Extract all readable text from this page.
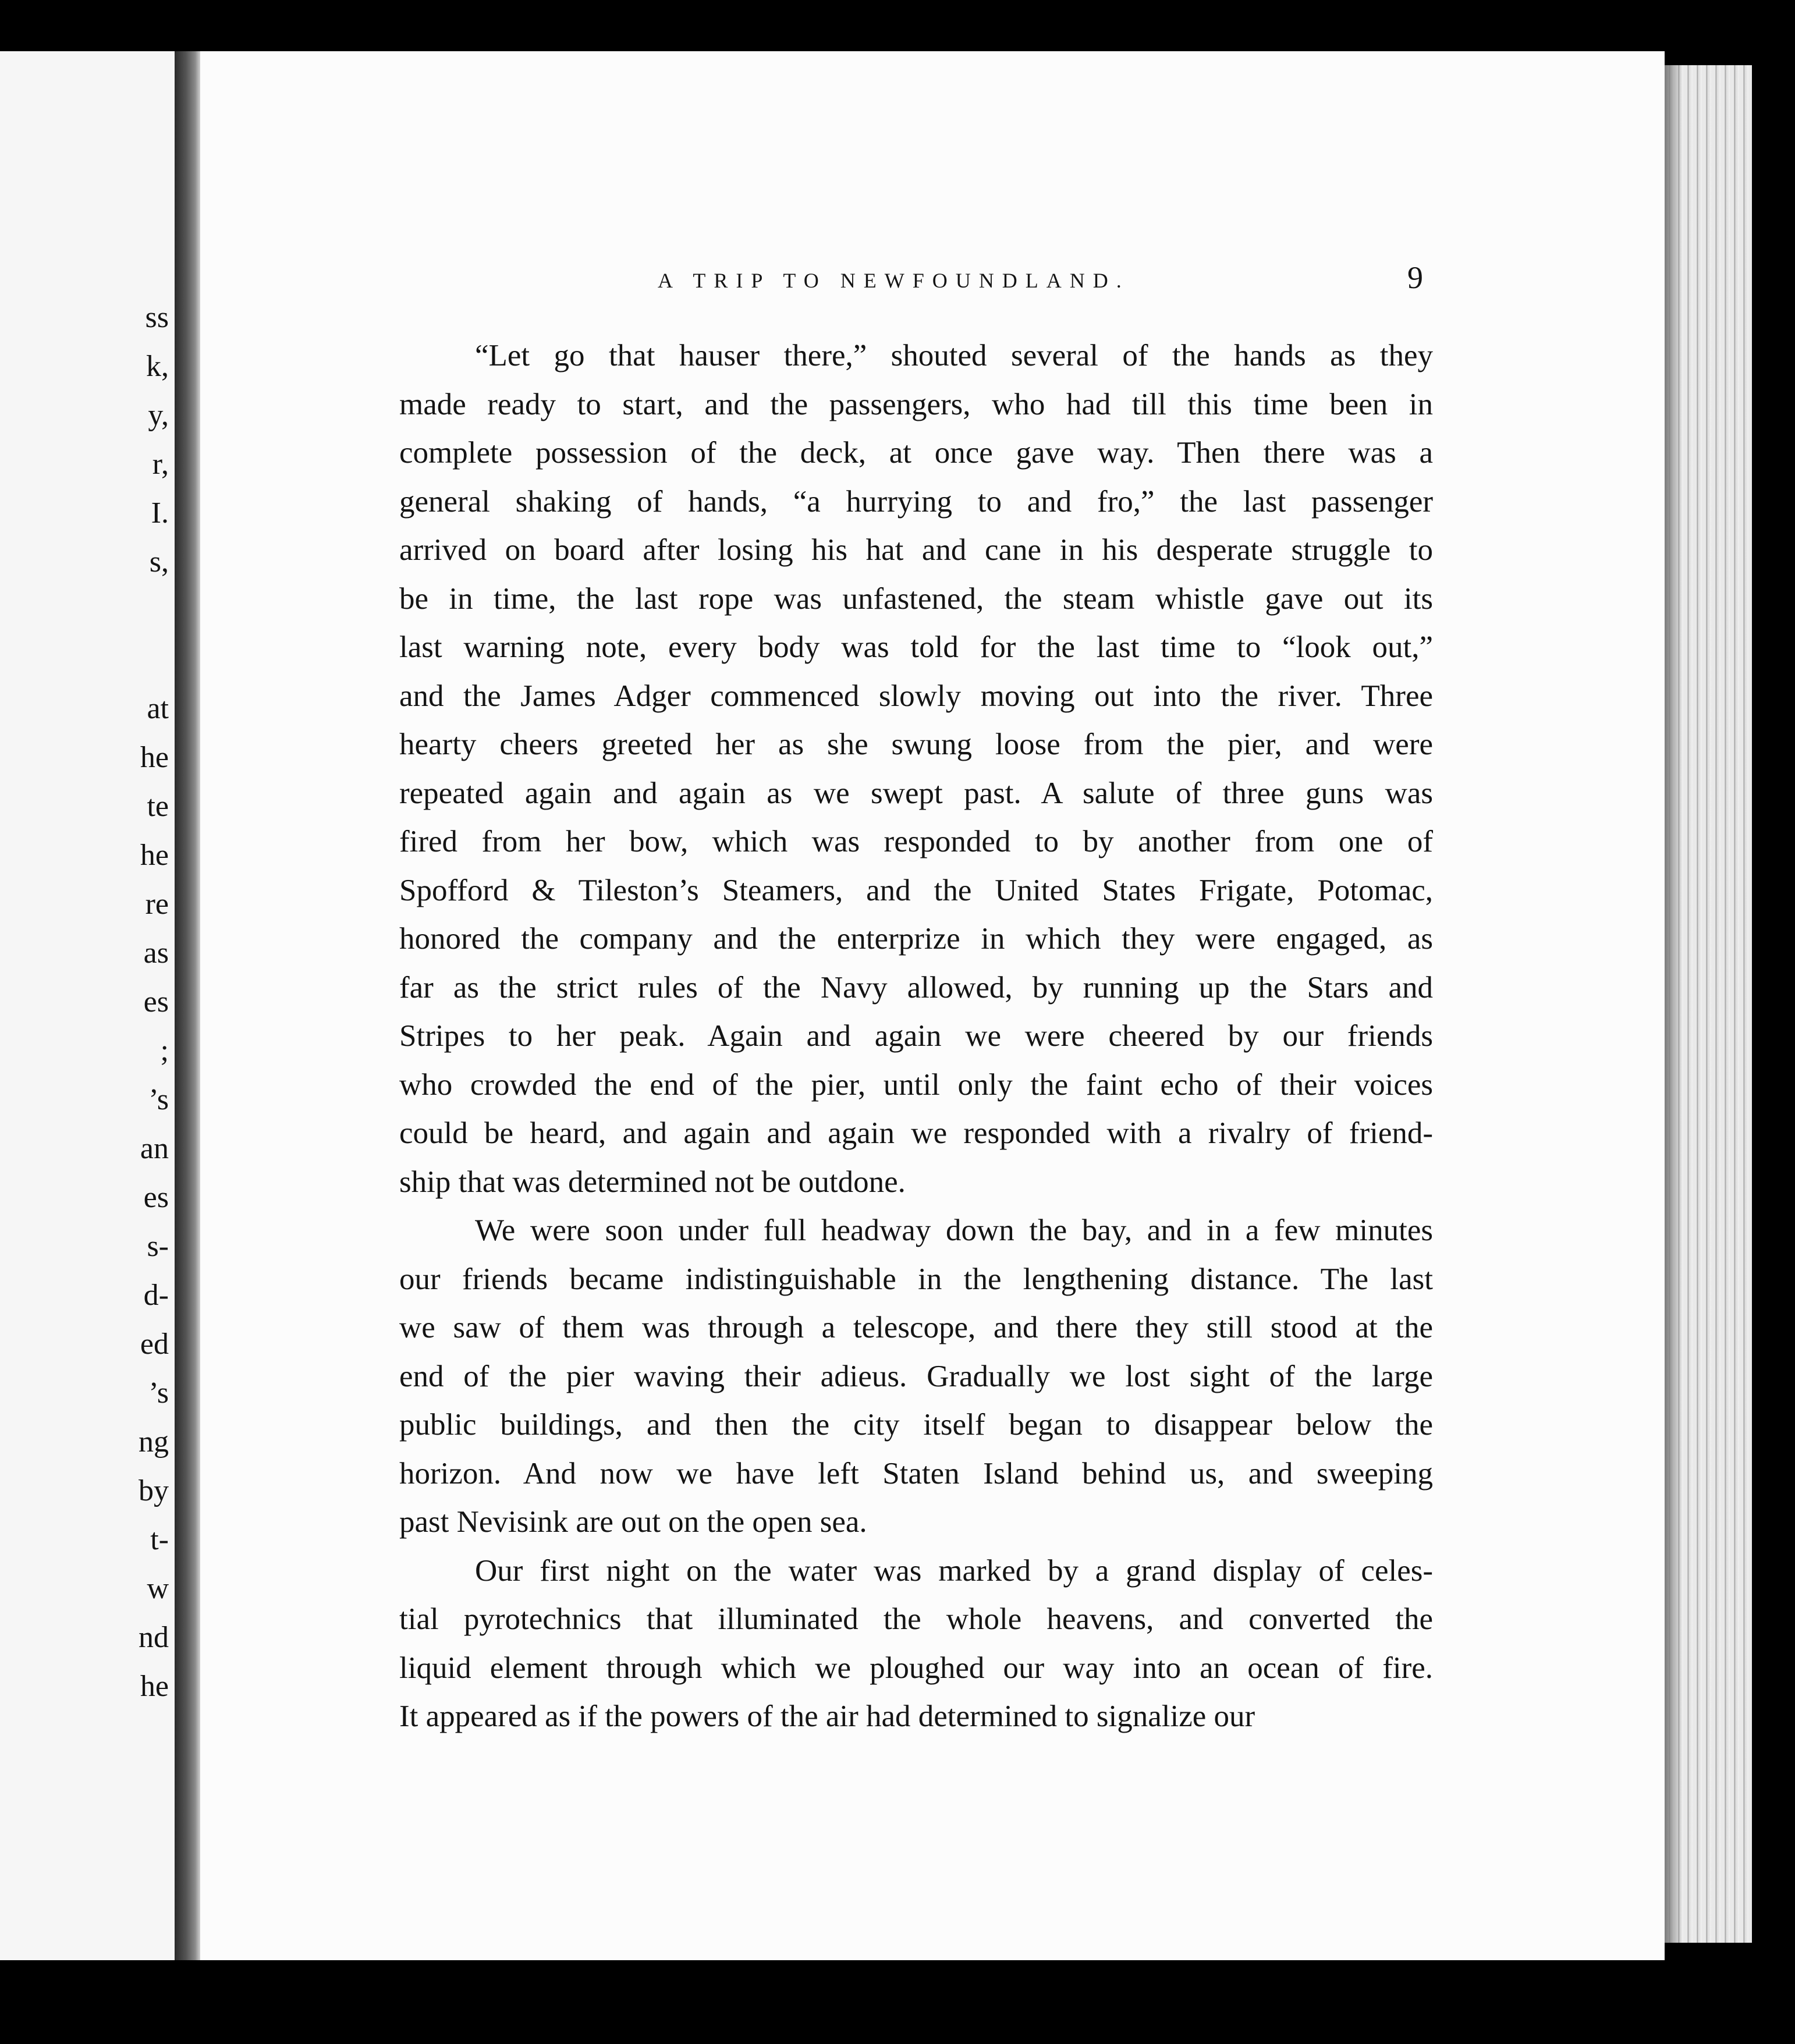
ss
k,
y,
r,
I.
s,
at
he
te
he
re
as
es
;
’s
an
es
s-
d-
ed
’s
ng
by
t-
w
nd
he
A TRIP TO NEWFOUNDLAND.	9
“Let go that hauser there,” shouted several of the hands as they
made ready to start, and the passengers, who had till this time been in
complete possession of the deck, at once gave way. Then there was a
general shaking of hands, “a hurrying to and fro,” the last passenger
arrived on board after losing his hat and cane in his desperate struggle to
be in time, the last rope was unfastened, the steam whistle gave out its
last warning note, every body was told for the last time to “look out,”
and the James Adger commenced slowly moving out into the river. Three
hearty cheers greeted her as she swung loose from the pier, and were
repeated again and again as we swept past. A salute of three guns was
fired from her bow, which was responded to by another from one of
Spofford & Tileston’s Steamers, and the United States Frigate, Potomac,
honored the company and the enterprize in which they were engaged, as
far as the strict rules of the Navy allowed, by running up the Stars and
Stripes to her peak. Again and again we were cheered by our friends
who crowded the end of the pier, until only the faint echo of their voices
could be heard, and again and again we responded with a rivalry of friend-
ship that was determined not be outdone.
We were soon under full headway down the bay, and in a few minutes
our friends became indistinguishable in the lengthening distance. The last
we saw of them was through a telescope, and there they still stood at the
end of the pier waving their adieus. Gradually we lost sight of the large
public buildings, and then the city itself began to disappear below the
horizon. And now we have left Staten Island behind us, and sweeping
past Nevisink are out on the open sea.
Our first night on the water was marked by a grand display of celes-
tial pyrotechnics that illuminated the whole heavens, and converted the
liquid element through which we ploughed our way into an ocean of fire.
It appeared as if the powers of the air had determined to signalize our
